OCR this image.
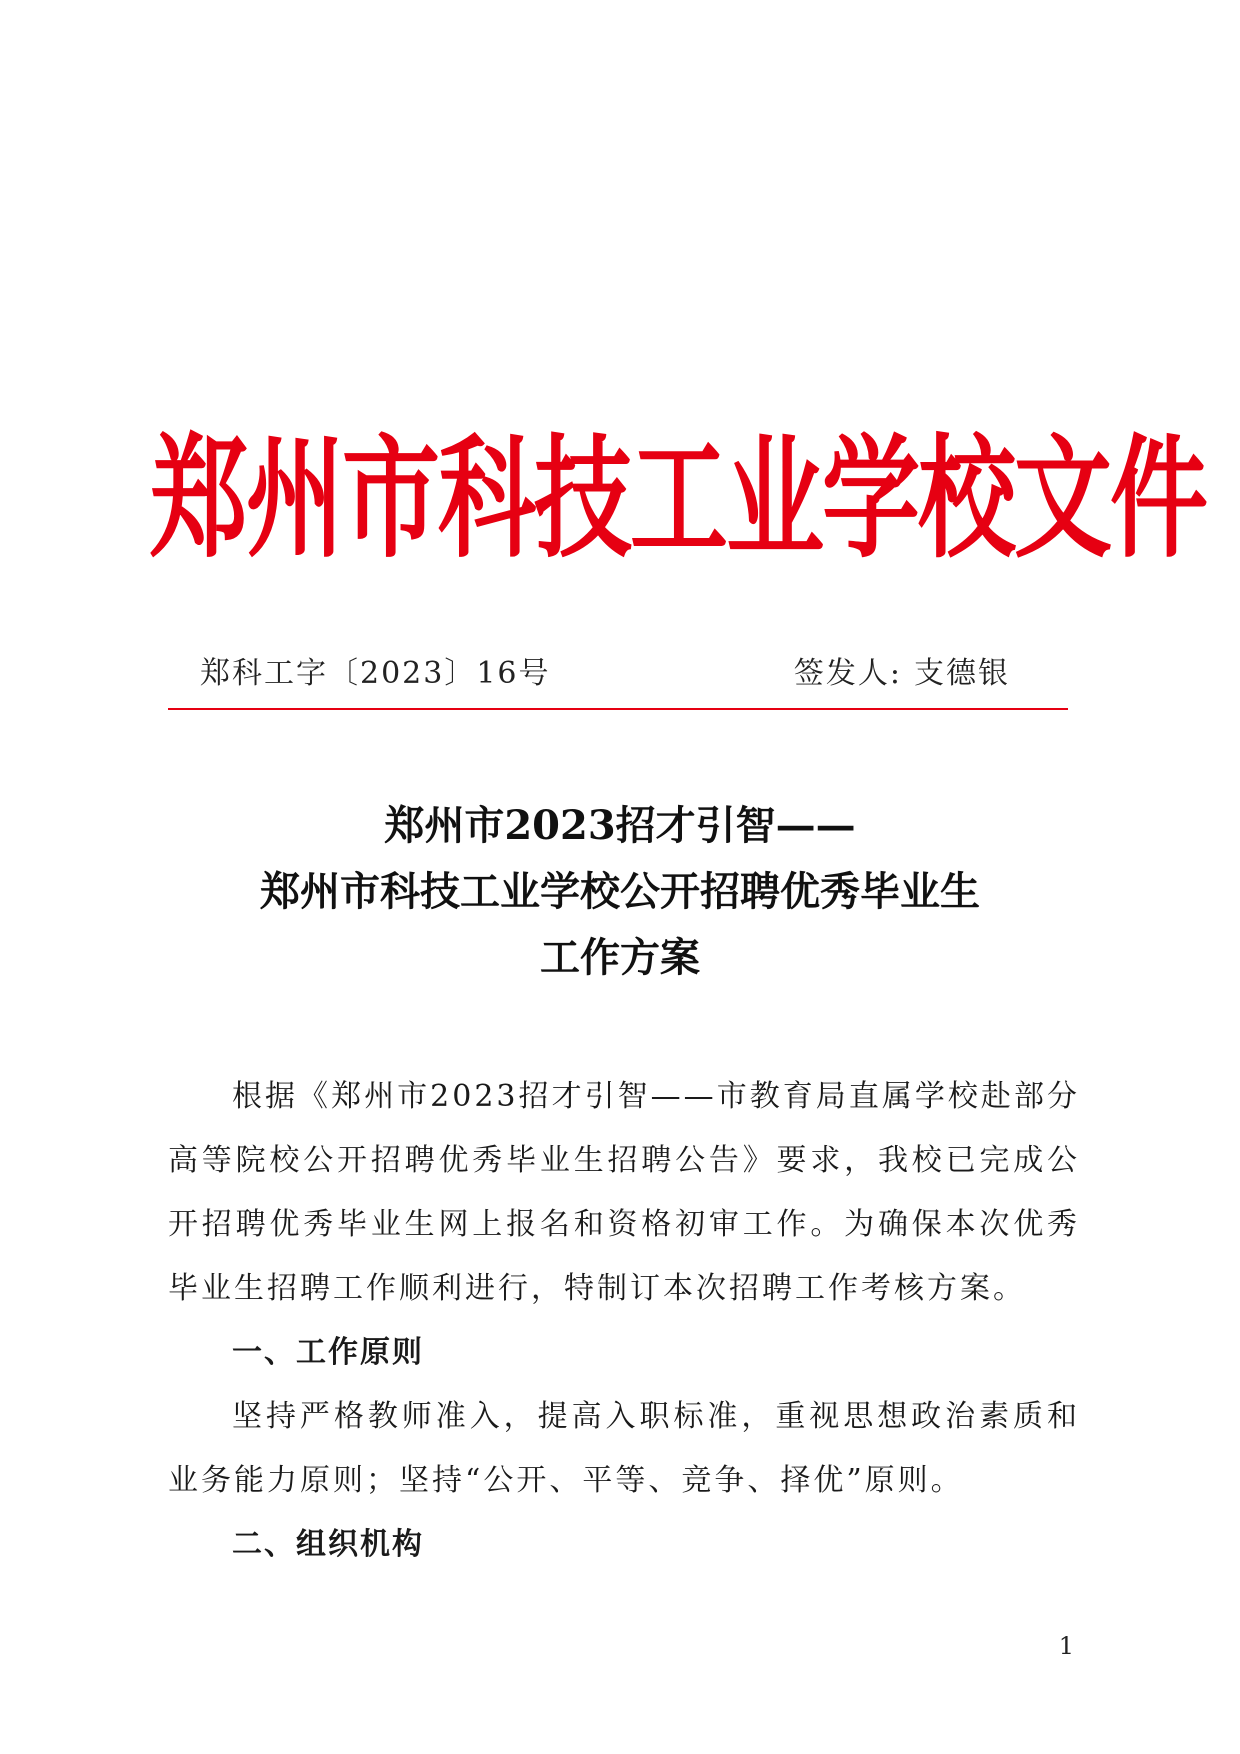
郑州市科技工业学校文件
郑科工字〔2023〕16号	签发人: 支德银
郑州市2023招才引智——
郑州市科技工业学校公开招聘优秀毕业生
工作方案

根据《郑州市2023招才引智——市教育局直属学校赴部分高等院校公开招聘优秀毕业生招聘公告》要求，我校已完成公开招聘优秀毕业生网上报名和资格初审工作。为确保本次优秀毕业生招聘工作顺利进行，特制订本次招聘工作考核方案。

一、工作原则

坚持严格教师准入，提高入职标准，重视思想政治素质和业务能力原则；坚持“公开、平等、竞争、择优”原则。

二、组织机构

1
